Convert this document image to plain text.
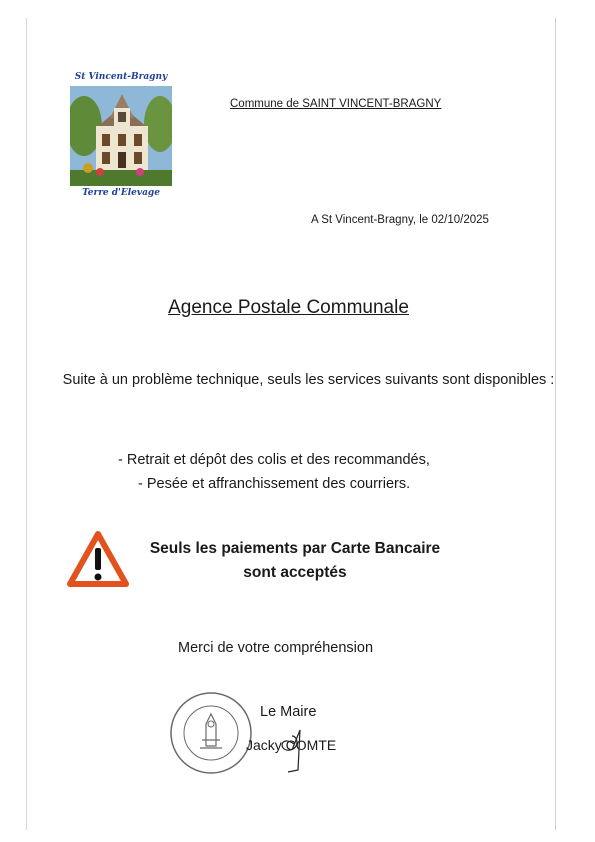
St Vincent-Bragny
Terre d'Elevage
Commune de SAINT VINCENT-BRAGNY
A St Vincent-Bragny, le 02/10/2025
Agence Postale Communale
Suite à un problème technique, seuls les services suivants sont disponibles :
- Retrait et dépôt des colis et des recommandés,
- Pesée et affranchissement des courriers.
Seuls les paiements par Carte Bancaire sont acceptés
Merci de votre compréhension
Le Maire
Jacky COMTE
